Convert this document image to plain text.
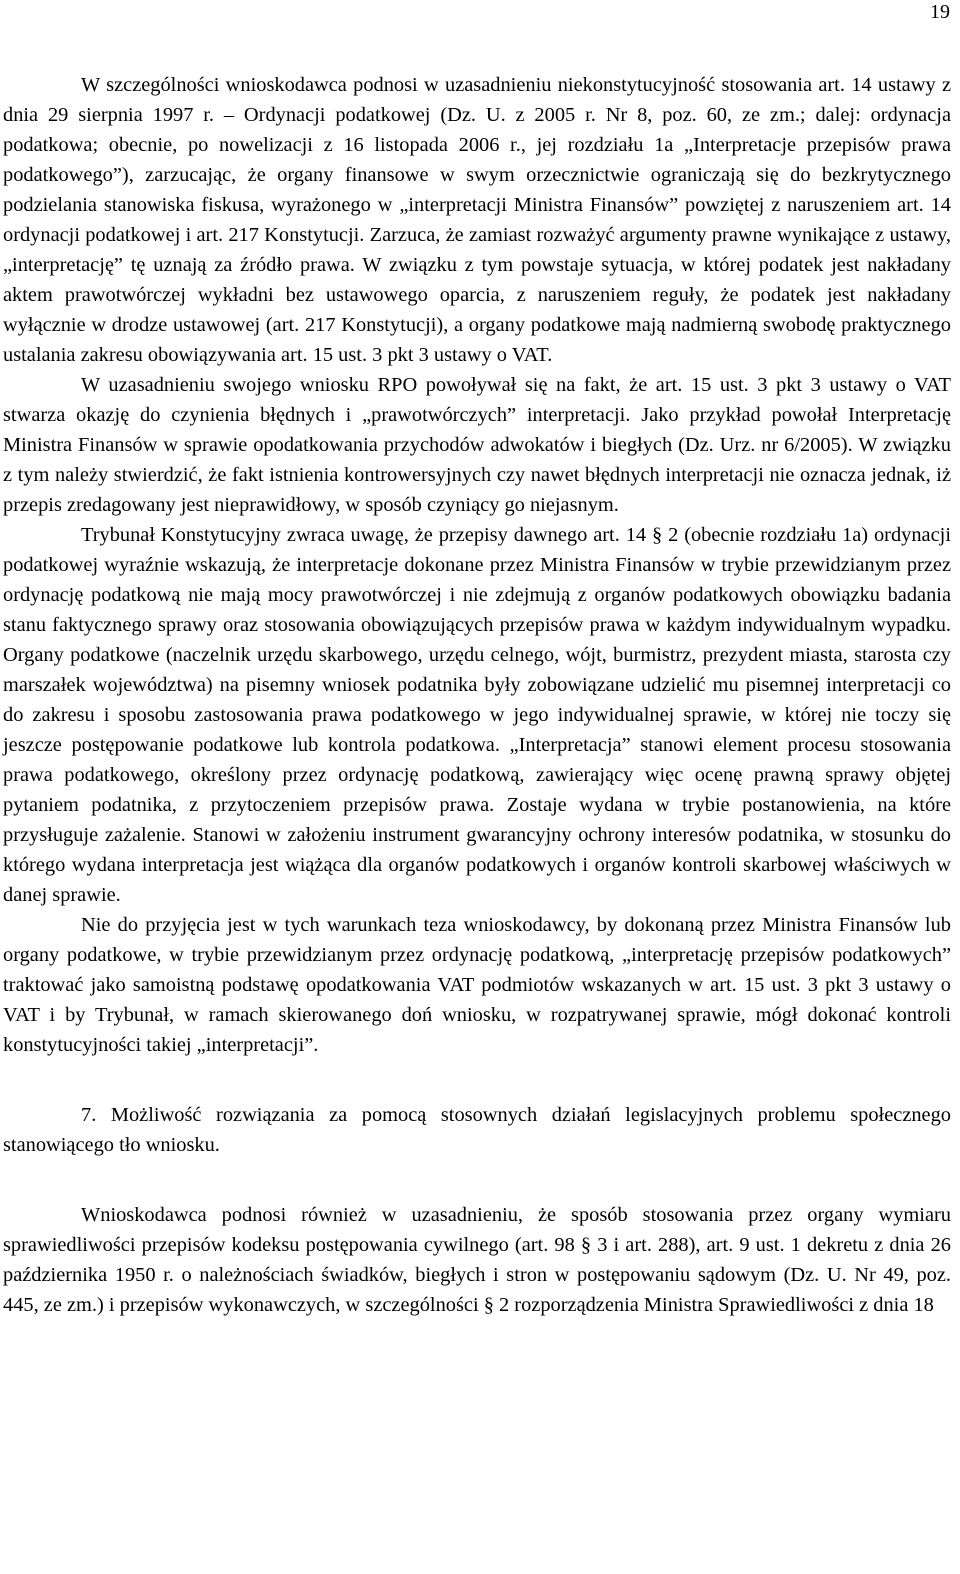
19

W szczególności wnioskodawca podnosi w uzasadnieniu niekonstytucyjność stosowania art. 14 ustawy z dnia 29 sierpnia 1997 r. – Ordynacji podatkowej (Dz. U. z 2005 r. Nr 8, poz. 60, ze zm.; dalej: ordynacja podatkowa; obecnie, po nowelizacji z 16 listopada 2006 r., jej rozdziału 1a „Interpretacje przepisów prawa podatkowego”), zarzucając, że organy finansowe w swym orzecznictwie ograniczają się do bezkrytycznego podzielania stanowiska fiskusa, wyrażonego w „interpretacji Ministra Finansów” powziętej z naruszeniem art. 14 ordynacji podatkowej i art. 217 Konstytucji. Zarzuca, że zamiast rozważyć argumenty prawne wynikające z ustawy, „interpretację” tę uznają za źródło prawa. W związku z tym powstaje sytuacja, w której podatek jest nakładany aktem prawotwórczej wykładni bez ustawowego oparcia, z naruszeniem reguły, że podatek jest nakładany wyłącznie w drodze ustawowej (art. 217 Konstytucji), a organy podatkowe mają nadmierną swobodę praktycznego ustalania zakresu obowiązywania art. 15 ust. 3 pkt 3 ustawy o VAT.

W uzasadnieniu swojego wniosku RPO powoływał się na fakt, że art. 15 ust. 3 pkt 3 ustawy o VAT stwarza okazję do czynienia błędnych i „prawotwórczych” interpretacji. Jako przykład powołał Interpretację Ministra Finansów w sprawie opodatkowania przychodów adwokatów i biegłych (Dz. Urz. nr 6/2005). W związku z tym należy stwierdzić, że fakt istnienia kontrowersyjnych czy nawet błędnych interpretacji nie oznacza jednak, iż przepis zredagowany jest nieprawidłowy, w sposób czyniący go niejasnym.

Trybunał Konstytucyjny zwraca uwagę, że przepisy dawnego art. 14 § 2 (obecnie rozdziału 1a) ordynacji podatkowej wyraźnie wskazują, że interpretacje dokonane przez Ministra Finansów w trybie przewidzianym przez ordynację podatkową nie mają mocy prawotwórczej i nie zdejmują z organów podatkowych obowiązku badania stanu faktycznego sprawy oraz stosowania obowiązujących przepisów prawa w każdym indywidualnym wypadku. Organy podatkowe (naczelnik urzędu skarbowego, urzędu celnego, wójt, burmistrz, prezydent miasta, starosta czy marszałek województwa) na pisemny wniosek podatnika były zobowiązane udzielić mu pisemnej interpretacji co do zakresu i sposobu zastosowania prawa podatkowego w jego indywidualnej sprawie, w której nie toczy się jeszcze postępowanie podatkowe lub kontrola podatkowa. „Interpretacja” stanowi element procesu stosowania prawa podatkowego, określony przez ordynację podatkową, zawierający więc ocenę prawną sprawy objętej pytaniem podatnika, z przytoczeniem przepisów prawa. Zostaje wydana w trybie postanowienia, na które przysługuje zażalenie. Stanowi w założeniu instrument gwarancyjny ochrony interesów podatnika, w stosunku do którego wydana interpretacja jest wiążąca dla organów podatkowych i organów kontroli skarbowej właściwych w danej sprawie.

Nie do przyjęcia jest w tych warunkach teza wnioskodawcy, by dokonaną przez Ministra Finansów lub organy podatkowe, w trybie przewidzianym przez ordynację podatkową, „interpretację przepisów podatkowych” traktować jako samoistną podstawę opodatkowania VAT podmiotów wskazanych w art. 15 ust. 3 pkt 3 ustawy o VAT i by Trybunał, w ramach skierowanego doń wniosku, w rozpatrywanej sprawie, mógł dokonać kontroli konstytucyjności takiej „interpretacji”.

7. Możliwość rozwiązania za pomocą stosownych działań legislacyjnych problemu społecznego stanowiącego tło wniosku.

Wnioskodawca podnosi również w uzasadnieniu, że sposób stosowania przez organy wymiaru sprawiedliwości przepisów kodeksu postępowania cywilnego (art. 98 § 3 i art. 288), art. 9 ust. 1 dekretu z dnia 26 października 1950 r. o należnościach świadków, biegłych i stron w postępowaniu sądowym (Dz. U. Nr 49, poz. 445, ze zm.) i przepisów wykonawczych, w szczególności § 2 rozporządzenia Ministra Sprawiedliwości z dnia 18
